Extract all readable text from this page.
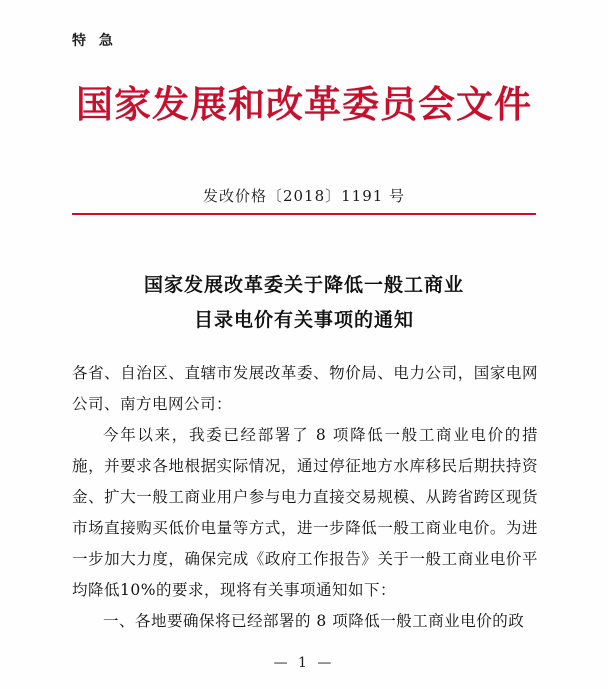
特 急
国家发展和改革委员会文件
发改价格〔2018〕1191 号
国家发展改革委关于降低一般工商业
目录电价有关事项的通知

各省、自治区、直辖市发展改革委、物价局、电力公司，国家电网公司、南方电网公司：

今年以来，我委已经部署了 8 项降低一般工商业电价的措施，并要求各地根据实际情况，通过停征地方水库移民后期扶持资金、扩大一般工商业用户参与电力直接交易规模、从跨省跨区现货市场直接购买低价电量等方式，进一步降低一般工商业电价。为进一步加大力度，确保完成《政府工作报告》关于一般工商业电价平均降低10%的要求，现将有关事项通知如下：

一、各地要确保将已经部署的 8 项降低一般工商业电价的政

— 1 —
